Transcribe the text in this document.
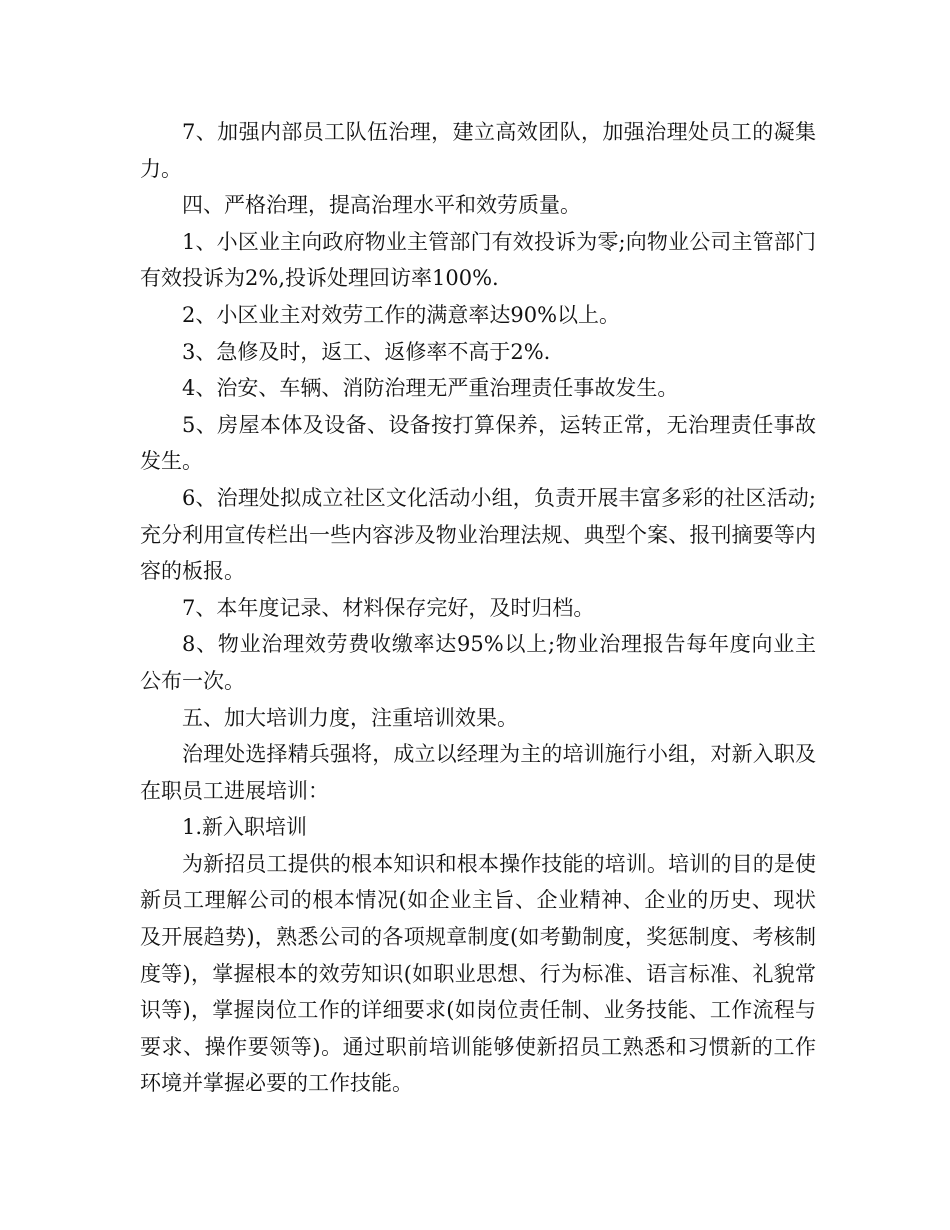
7、加强内部员工队伍治理，建立高效团队，加强治理处员工的凝集力。

四、严格治理，提高治理水平和效劳质量。

1、小区业主向政府物业主管部门有效投诉为零;向物业公司主管部门有效投诉为2%,投诉处理回访率100%.

2、小区业主对效劳工作的满意率达90%以上。

3、急修及时，返工、返修率不高于2%.

4、治安、车辆、消防治理无严重治理责任事故发生。

5、房屋本体及设备、设备按打算保养，运转正常，无治理责任事故发生。

6、治理处拟成立社区文化活动小组，负责开展丰富多彩的社区活动;充分利用宣传栏出一些内容涉及物业治理法规、典型个案、报刊摘要等内容的板报。

7、本年度记录、材料保存完好，及时归档。

8、物业治理效劳费收缴率达95%以上;物业治理报告每年度向业主公布一次。

五、加大培训力度，注重培训效果。

治理处选择精兵强将，成立以经理为主的培训施行小组，对新入职及在职员工进展培训：

1.新入职培训

为新招员工提供的根本知识和根本操作技能的培训。培训的目的是使新员工理解公司的根本情况(如企业主旨、企业精神、企业的历史、现状及开展趋势)，熟悉公司的各项规章制度(如考勤制度，奖惩制度、考核制度等)，掌握根本的效劳知识(如职业思想、行为标准、语言标准、礼貌常识等)，掌握岗位工作的详细要求(如岗位责任制、业务技能、工作流程与要求、操作要领等)。通过职前培训能够使新招员工熟悉和习惯新的工作环境并掌握必要的工作技能。
